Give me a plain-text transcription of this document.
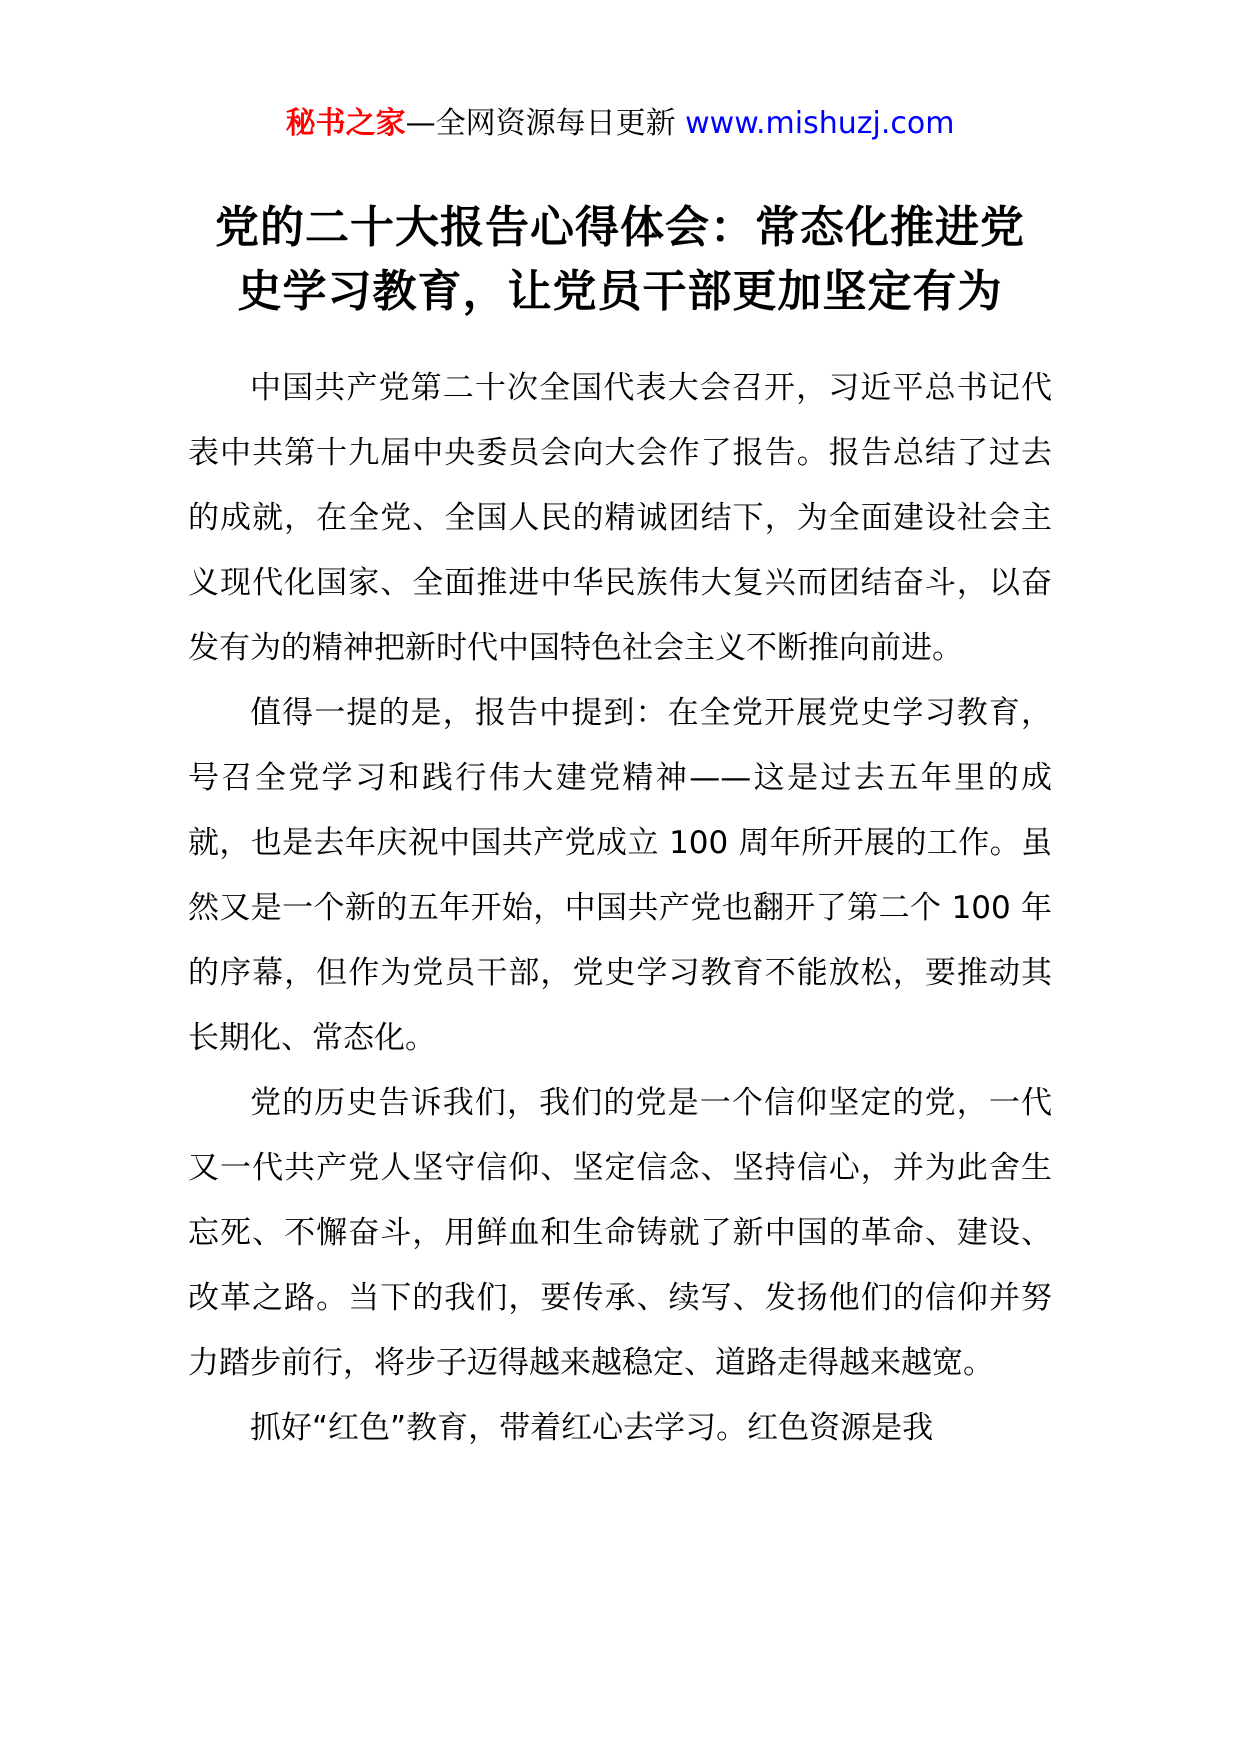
秘书之家—全网资源每日更新 www.mishuzj.com
党的二十大报告心得体会：常态化推进党
史学习教育，让党员干部更加坚定有为

中国共产党第二十次全国代表大会召开，习近平总书记代表中共第十九届中央委员会向大会作了报告。报告总结了过去的成就，在全党、全国人民的精诚团结下，为全面建设社会主义现代化国家、全面推进中华民族伟大复兴而团结奋斗，以奋发有为的精神把新时代中国特色社会主义不断推向前进。

值得一提的是，报告中提到：在全党开展党史学习教育，号召全党学习和践行伟大建党精神——这是过去五年里的成就，也是去年庆祝中国共产党成立 100 周年所开展的工作。虽然又是一个新的五年开始，中国共产党也翻开了第二个 100 年的序幕，但作为党员干部，党史学习教育不能放松，要推动其长期化、常态化。

党的历史告诉我们，我们的党是一个信仰坚定的党，一代又一代共产党人坚守信仰、坚定信念、坚持信心，并为此舍生忘死、不懈奋斗，用鲜血和生命铸就了新中国的革命、建设、改革之路。当下的我们，要传承、续写、发扬他们的信仰并努力踏步前行，将步子迈得越来越稳定、道路走得越来越宽。

抓好“红色”教育，带着红心去学习。红色资源是我
